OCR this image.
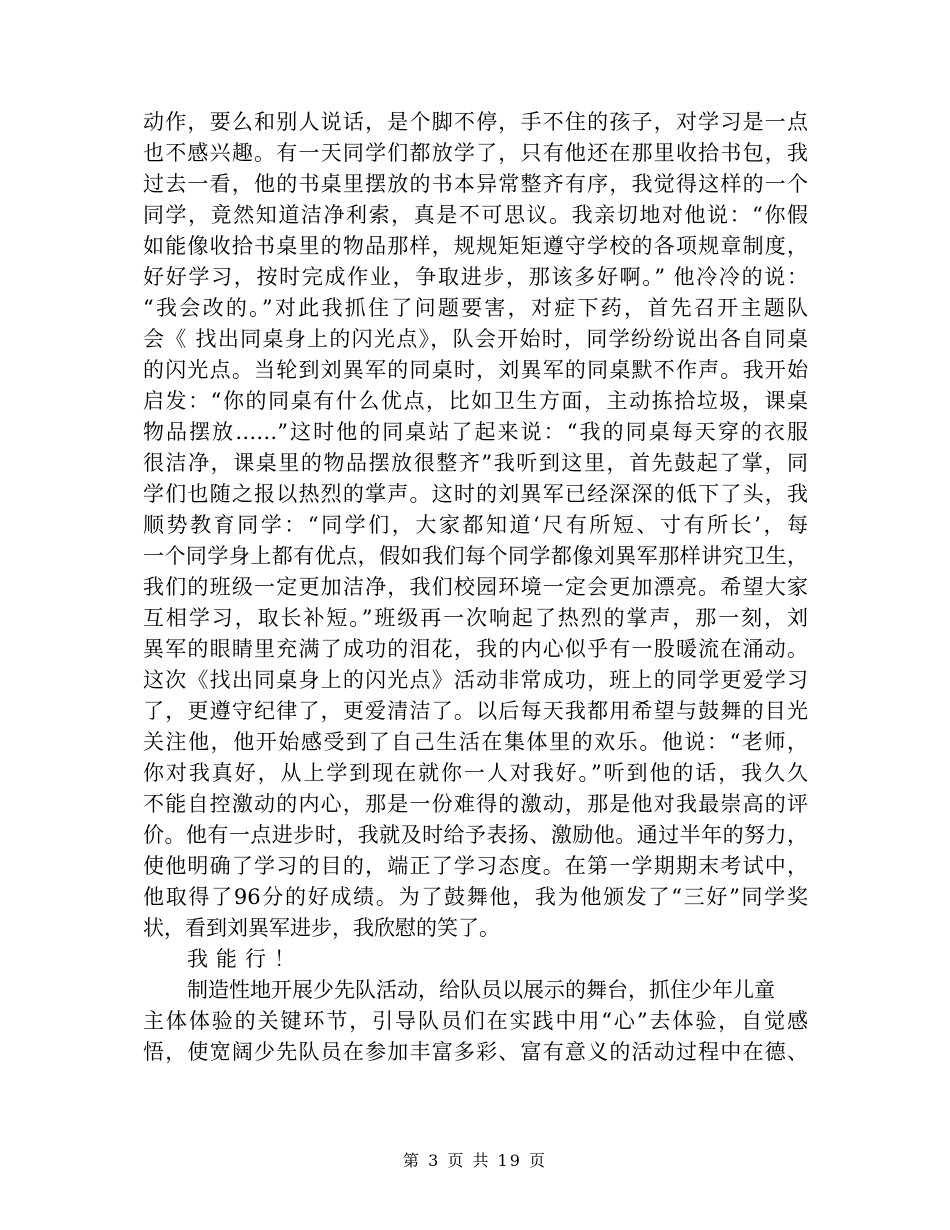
动作，要么和别人说话，是个脚不停，手不住的孩子，对学习是一点
也不感兴趣。有一天同学们都放学了，只有他还在那里收拾书包，我
过去一看，他的书桌里摆放的书本异常整齐有序，我觉得这样的一个
同学，竟然知道洁净利索，真是不可思议。我亲切地对他说：“你假
如能像收拾书桌里的物品那样，规规矩矩遵守学校的各项规章制度，
好好学习，按时完成作业，争取进步，那该多好啊。” 他冷冷的说：
“我会改的。”对此我抓住了问题要害，对症下药，首先召开主题队
会《 找出同桌身上的闪光点》，队会开始时，同学纷纷说出各自同桌
的闪光点。当轮到刘異军的同桌时，刘異军的同桌默不作声。我开始
启发：“你的同桌有什么优点，比如卫生方面，主动拣拾垃圾，课桌
物品摆放……”这时他的同桌站了起来说：“我的同桌每天穿的衣服
很洁净，课桌里的物品摆放很整齐”我听到这里，首先鼓起了掌，同
学们也随之报以热烈的掌声。这时的刘異军已经深深的低下了头，我
顺势教育同学：“同学们，大家都知道‘尺有所短、寸有所长’，每
一个同学身上都有优点，假如我们每个同学都像刘異军那样讲究卫生，
我们的班级一定更加洁净，我们校园环境一定会更加漂亮。希望大家
互相学习，取长补短。”班级再一次响起了热烈的掌声，那一刻，刘
異军的眼睛里充满了成功的泪花，我的内心似乎有一股暖流在涌动。
这次《找出同桌身上的闪光点》活动非常成功，班上的同学更爱学习
了，更遵守纪律了，更爱清洁了。以后每天我都用希望与鼓舞的目光
关注他，他开始感受到了自己生活在集体里的欢乐。他说：“老师，
你对我真好，从上学到现在就你一人对我好。”听到他的话，我久久
不能自控激动的内心，那是一份难得的激动，那是他对我最崇高的评
价。他有一点进步时，我就及时给予表扬、激励他。通过半年的努力，
使他明确了学习的目的，端正了学习态度。在第一学期期末考试中，
他取得了96分的好成绩。为了鼓舞他，我为他颁发了“三好”同学奖
状，看到刘異军进步，我欣慰的笑了。
我能行！
制造性地开展少先队活动，给队员以展示的舞台，抓住少年儿童
主体体验的关键环节，引导队员们在实践中用“心”去体验，自觉感
悟，使宽阔少先队员在参加丰富多彩、富有意义的活动过程中在德、
第 3 页 共 19 页
